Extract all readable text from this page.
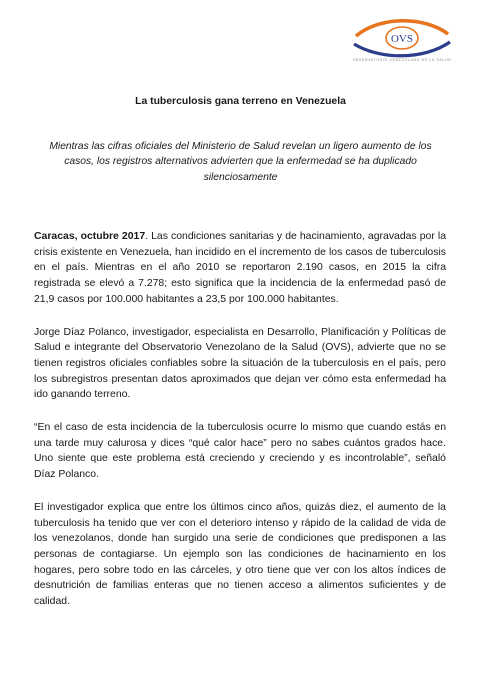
OVS
OBSERVATORIO VENEZOLANO DE LA SALUD
La tuberculosis gana terreno en Venezuela
Mientras las cifras oficiales del Ministerio de Salud revelan un ligero aumento de los casos, los registros alternativos advierten que la enfermedad se ha duplicado silenciosamente

Caracas, octubre 2017. Las condiciones sanitarias y de hacinamiento, agravadas por la crisis existente en Venezuela, han incidido en el incremento de los casos de tuberculosis en el país. Mientras en el año 2010 se reportaron 2.190 casos, en 2015 la cifra registrada se elevó a 7.278; esto significa que la incidencia de la enfermedad pasó de 21,9 casos por 100.000 habitantes a 23,5 por 100.000 habitantes.

Jorge Díaz Polanco, investigador, especialista en Desarrollo, Planificación y Políticas de Salud e integrante del Observatorio Venezolano de la Salud (OVS), advierte que no se tienen registros oficiales confiables sobre la situación de la tuberculosis en el país, pero los subregistros presentan datos aproximados que dejan ver cómo esta enfermedad ha ido ganando terreno.

“En el caso de esta incidencia de la tuberculosis ocurre lo mismo que cuando estás en una tarde muy calurosa y dices “qué calor hace” pero no sabes cuántos grados hace. Uno siente que este problema está creciendo y creciendo y es incontrolable”, señaló Díaz Polanco.

El investigador explica que entre los últimos cinco años, quizás diez, el aumento de la tuberculosis ha tenido que ver con el deterioro intenso y rápido de la calidad de vida de los venezolanos, donde han surgido una serie de condiciones que predisponen a las personas de contagiarse. Un ejemplo son las condiciones de hacinamiento en los hogares, pero sobre todo en las cárceles, y otro tiene que ver con los altos índices de desnutrición de familias enteras que no tienen acceso a alimentos suficientes y de calidad.
